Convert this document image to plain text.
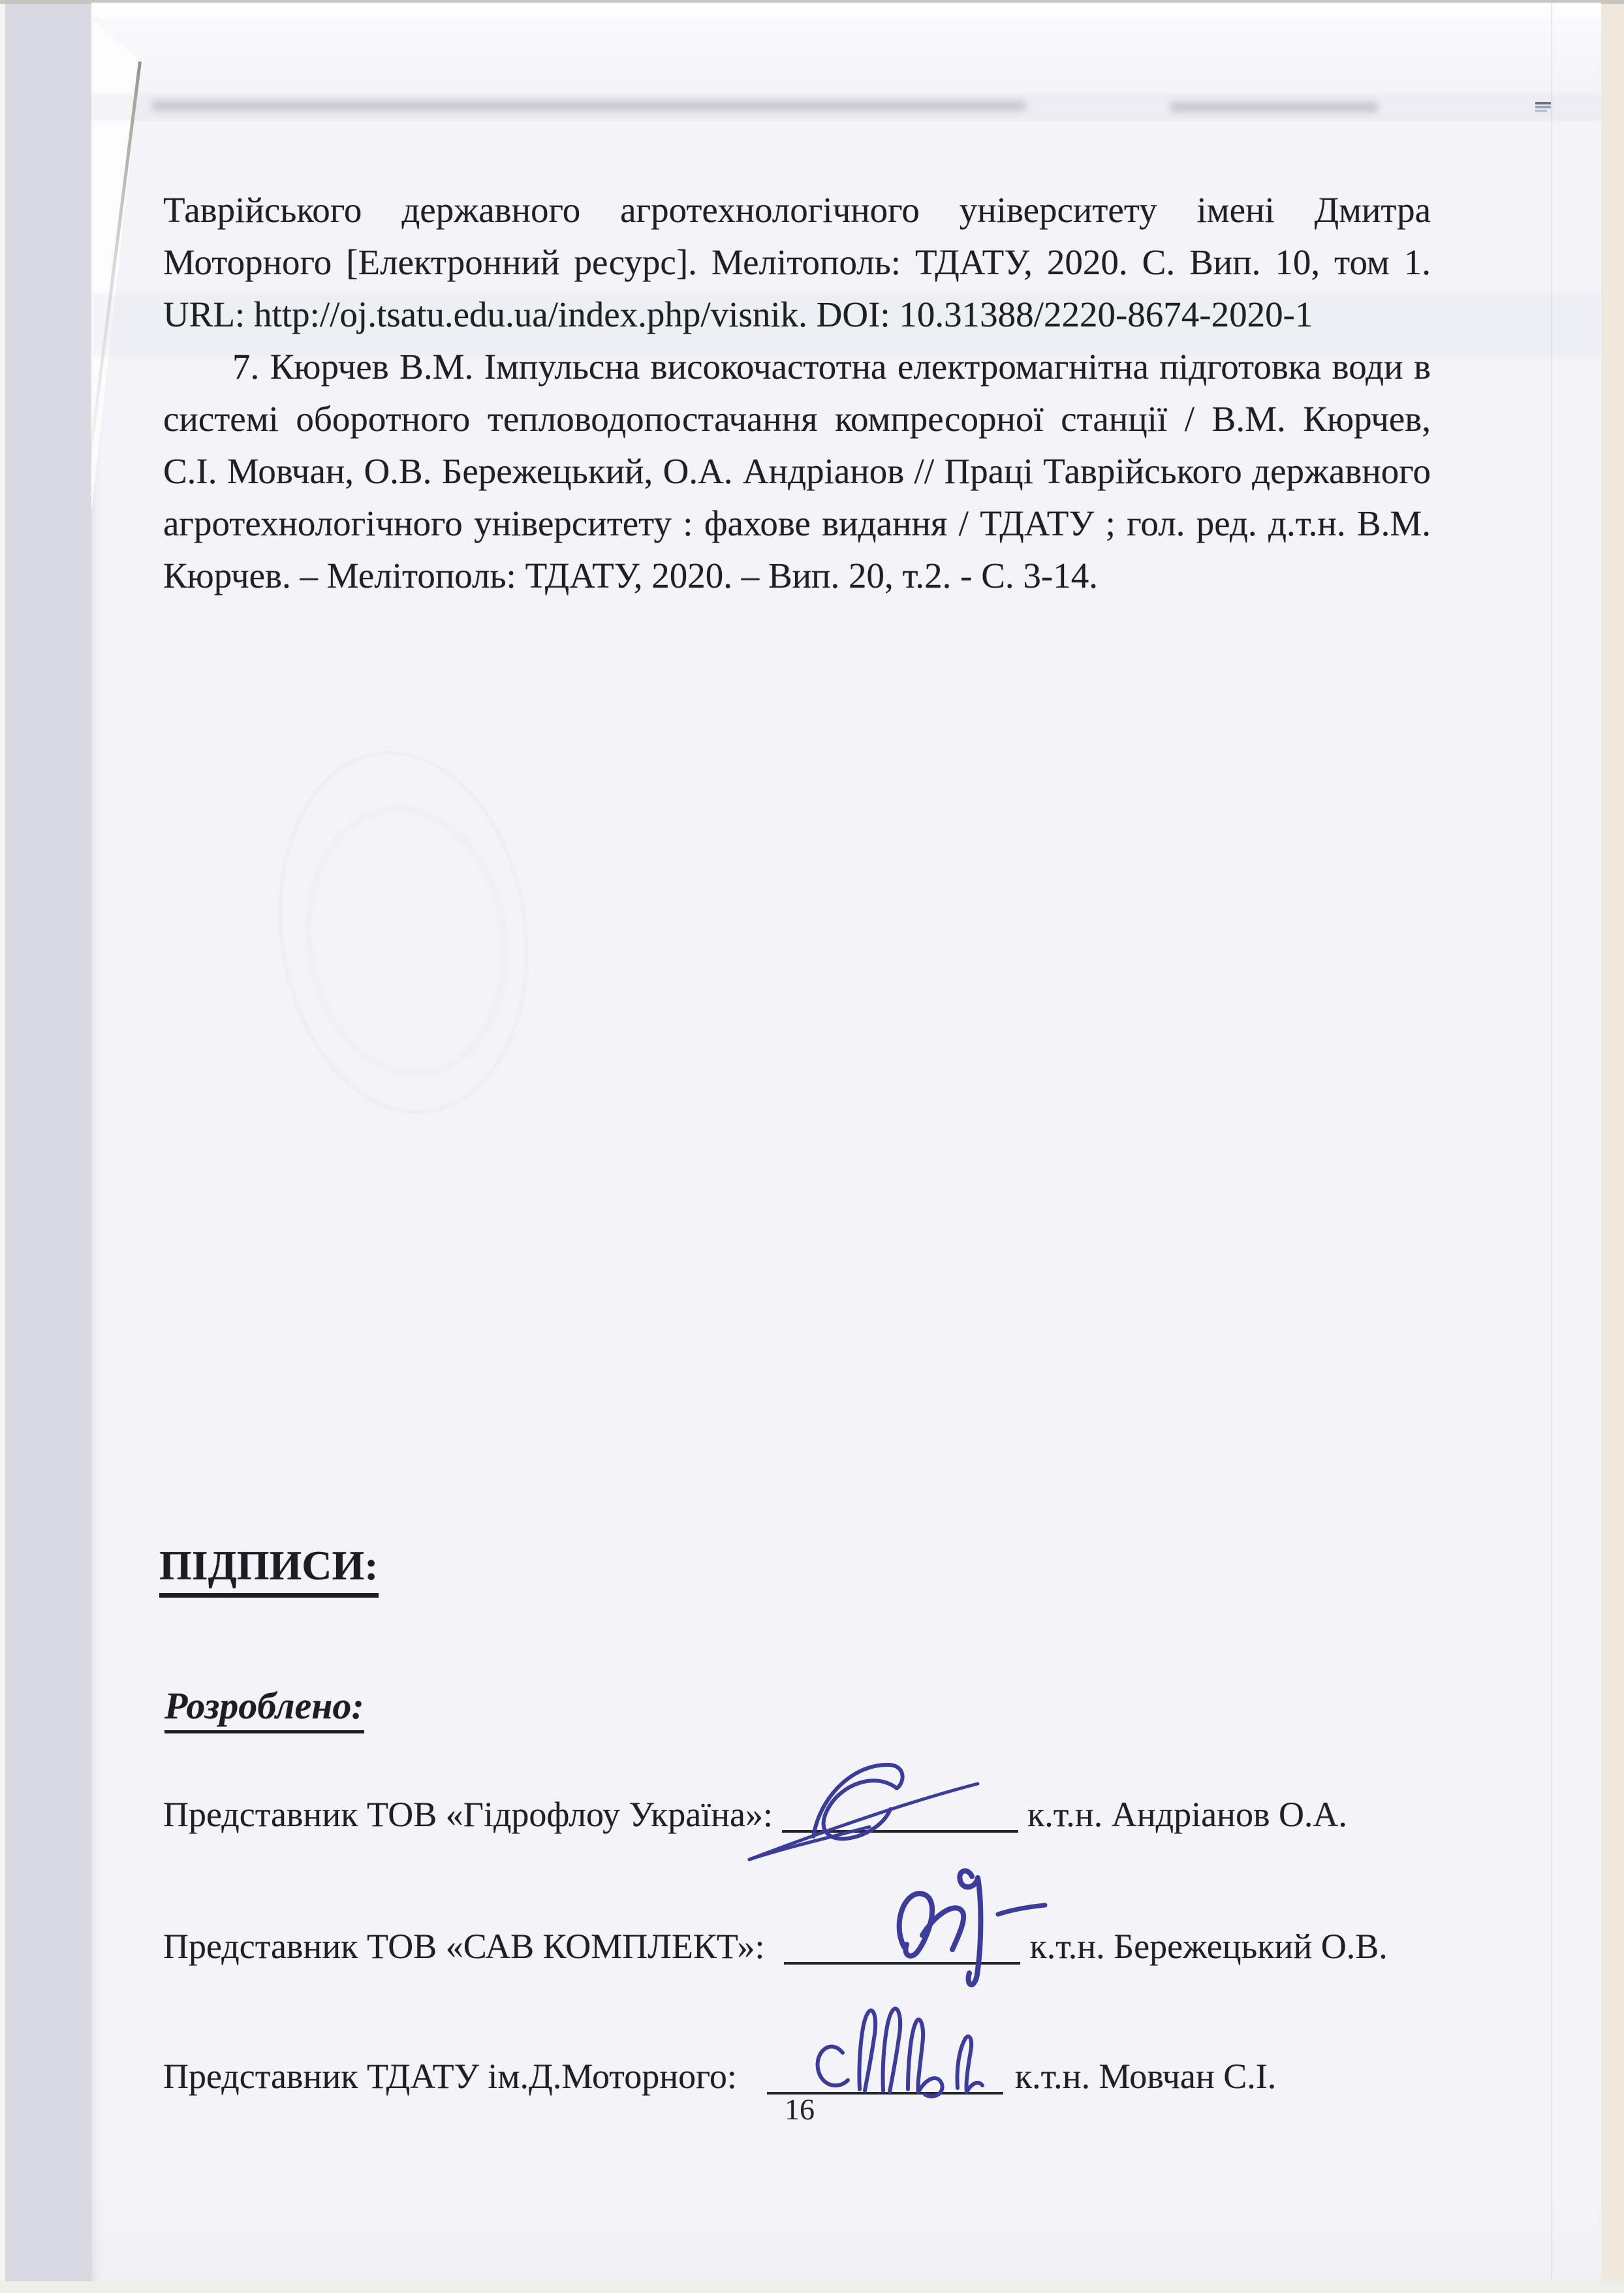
Таврійського державного агротехнологічного університету імені Дмитра Моторного [Електронний ресурс]. Мелітополь: ТДАТУ, 2020. С. Вип. 10, том 1. URL: http://oj.tsatu.edu.ua/index.php/visnik. DOI: 10.31388/2220-8674-2020-1

7. Кюрчев В.М. Імпульсна високочастотна електромагнітна підготовка води в системі оборотного тепловодопостачання компресорної станції / В.М. Кюрчев, С.І. Мовчан, О.В. Бережецький, О.А. Андріанов // Праці Таврійського державного агротехнологічного університету : фахове видання / ТДАТУ ; гол. ред. д.т.н. В.М. Кюрчев. – Мелітополь: ТДАТУ, 2020. – Вип. 20, т.2. - С. 3-14.

ПІДПИСИ:
Розроблено:
Представник ТОВ «Гідрофлоу Україна»:	к.т.н. Андріанов О.А.
Представник ТОВ «САВ КОМПЛЕКТ»:	к.т.н. Бережецький О.В.
Представник ТДАТУ ім.Д.Моторного:	к.т.н. Мовчан С.І.
16
